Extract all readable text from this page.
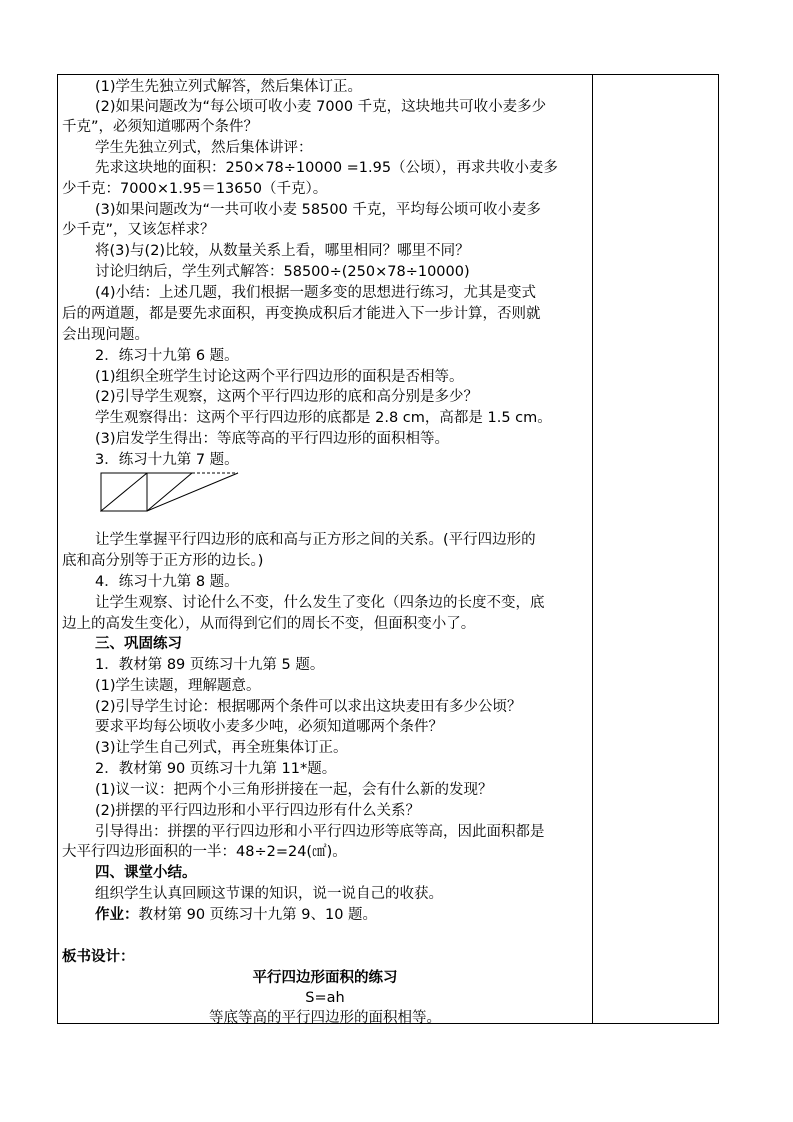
(1)学生先独立列式解答，然后集体订正。
(2)如果问题改为“每公顷可收小麦 7000 千克，这块地共可收小麦多少
千克”，必须知道哪两个条件？
学生先独立列式，然后集体讲评：
先求这块地的面积：250×78÷10000 =1.95（公顷），再求共收小麦多
少千克：7000×1.95＝13650（千克）。
(3)如果问题改为“一共可收小麦 58500 千克，平均每公顷可收小麦多
少千克”，又该怎样求？
将(3)与(2)比较，从数量关系上看，哪里相同？哪里不同？
讨论归纳后，学生列式解答：58500÷(250×78÷10000)
(4)小结：上述几题，我们根据一题多变的思想进行练习，尤其是变式
后的两道题，都是要先求面积，再变换成积后才能进入下一步计算，否则就
会出现问题。
2．练习十九第 6 题。
(1)组织全班学生讨论这两个平行四边形的面积是否相等。
(2)引导学生观察，这两个平行四边形的底和高分别是多少？
学生观察得出：这两个平行四边形的底都是 2.8 cm，高都是 1.5 cm。
(3)启发学生得出：等底等高的平行四边形的面积相等。
3．练习十九第 7 题。
让学生掌握平行四边形的底和高与正方形之间的关系。(平行四边形的
底和高分别等于正方形的边长。)
4．练习十九第 8 题。
让学生观察、讨论什么不变，什么发生了变化（四条边的长度不变，底
边上的高发生变化），从而得到它们的周长不变，但面积变小了。
三、巩固练习
1．教材第 89 页练习十九第 5 题。
(1)学生读题，理解题意。
(2)引导学生讨论：根据哪两个条件可以求出这块麦田有多少公顷？
要求平均每公顷收小麦多少吨，必须知道哪两个条件？
(3)让学生自己列式，再全班集体订正。
2．教材第 90 页练习十九第 11*题。
(1)议一议：把两个小三角形拼接在一起，会有什么新的发现？
(2)拼摆的平行四边形和小平行四边形有什么关系？
引导得出：拼摆的平行四边形和小平行四边形等底等高，因此面积都是
大平行四边形面积的一半：48÷2=24(㎠)。
四、课堂小结。
组织学生认真回顾这节课的知识，说一说自己的收获。
作业：教材第 90 页练习十九第 9、10 题。
板书设计：
平行四边形面积的练习
S=ah
等底等高的平行四边形的面积相等。
